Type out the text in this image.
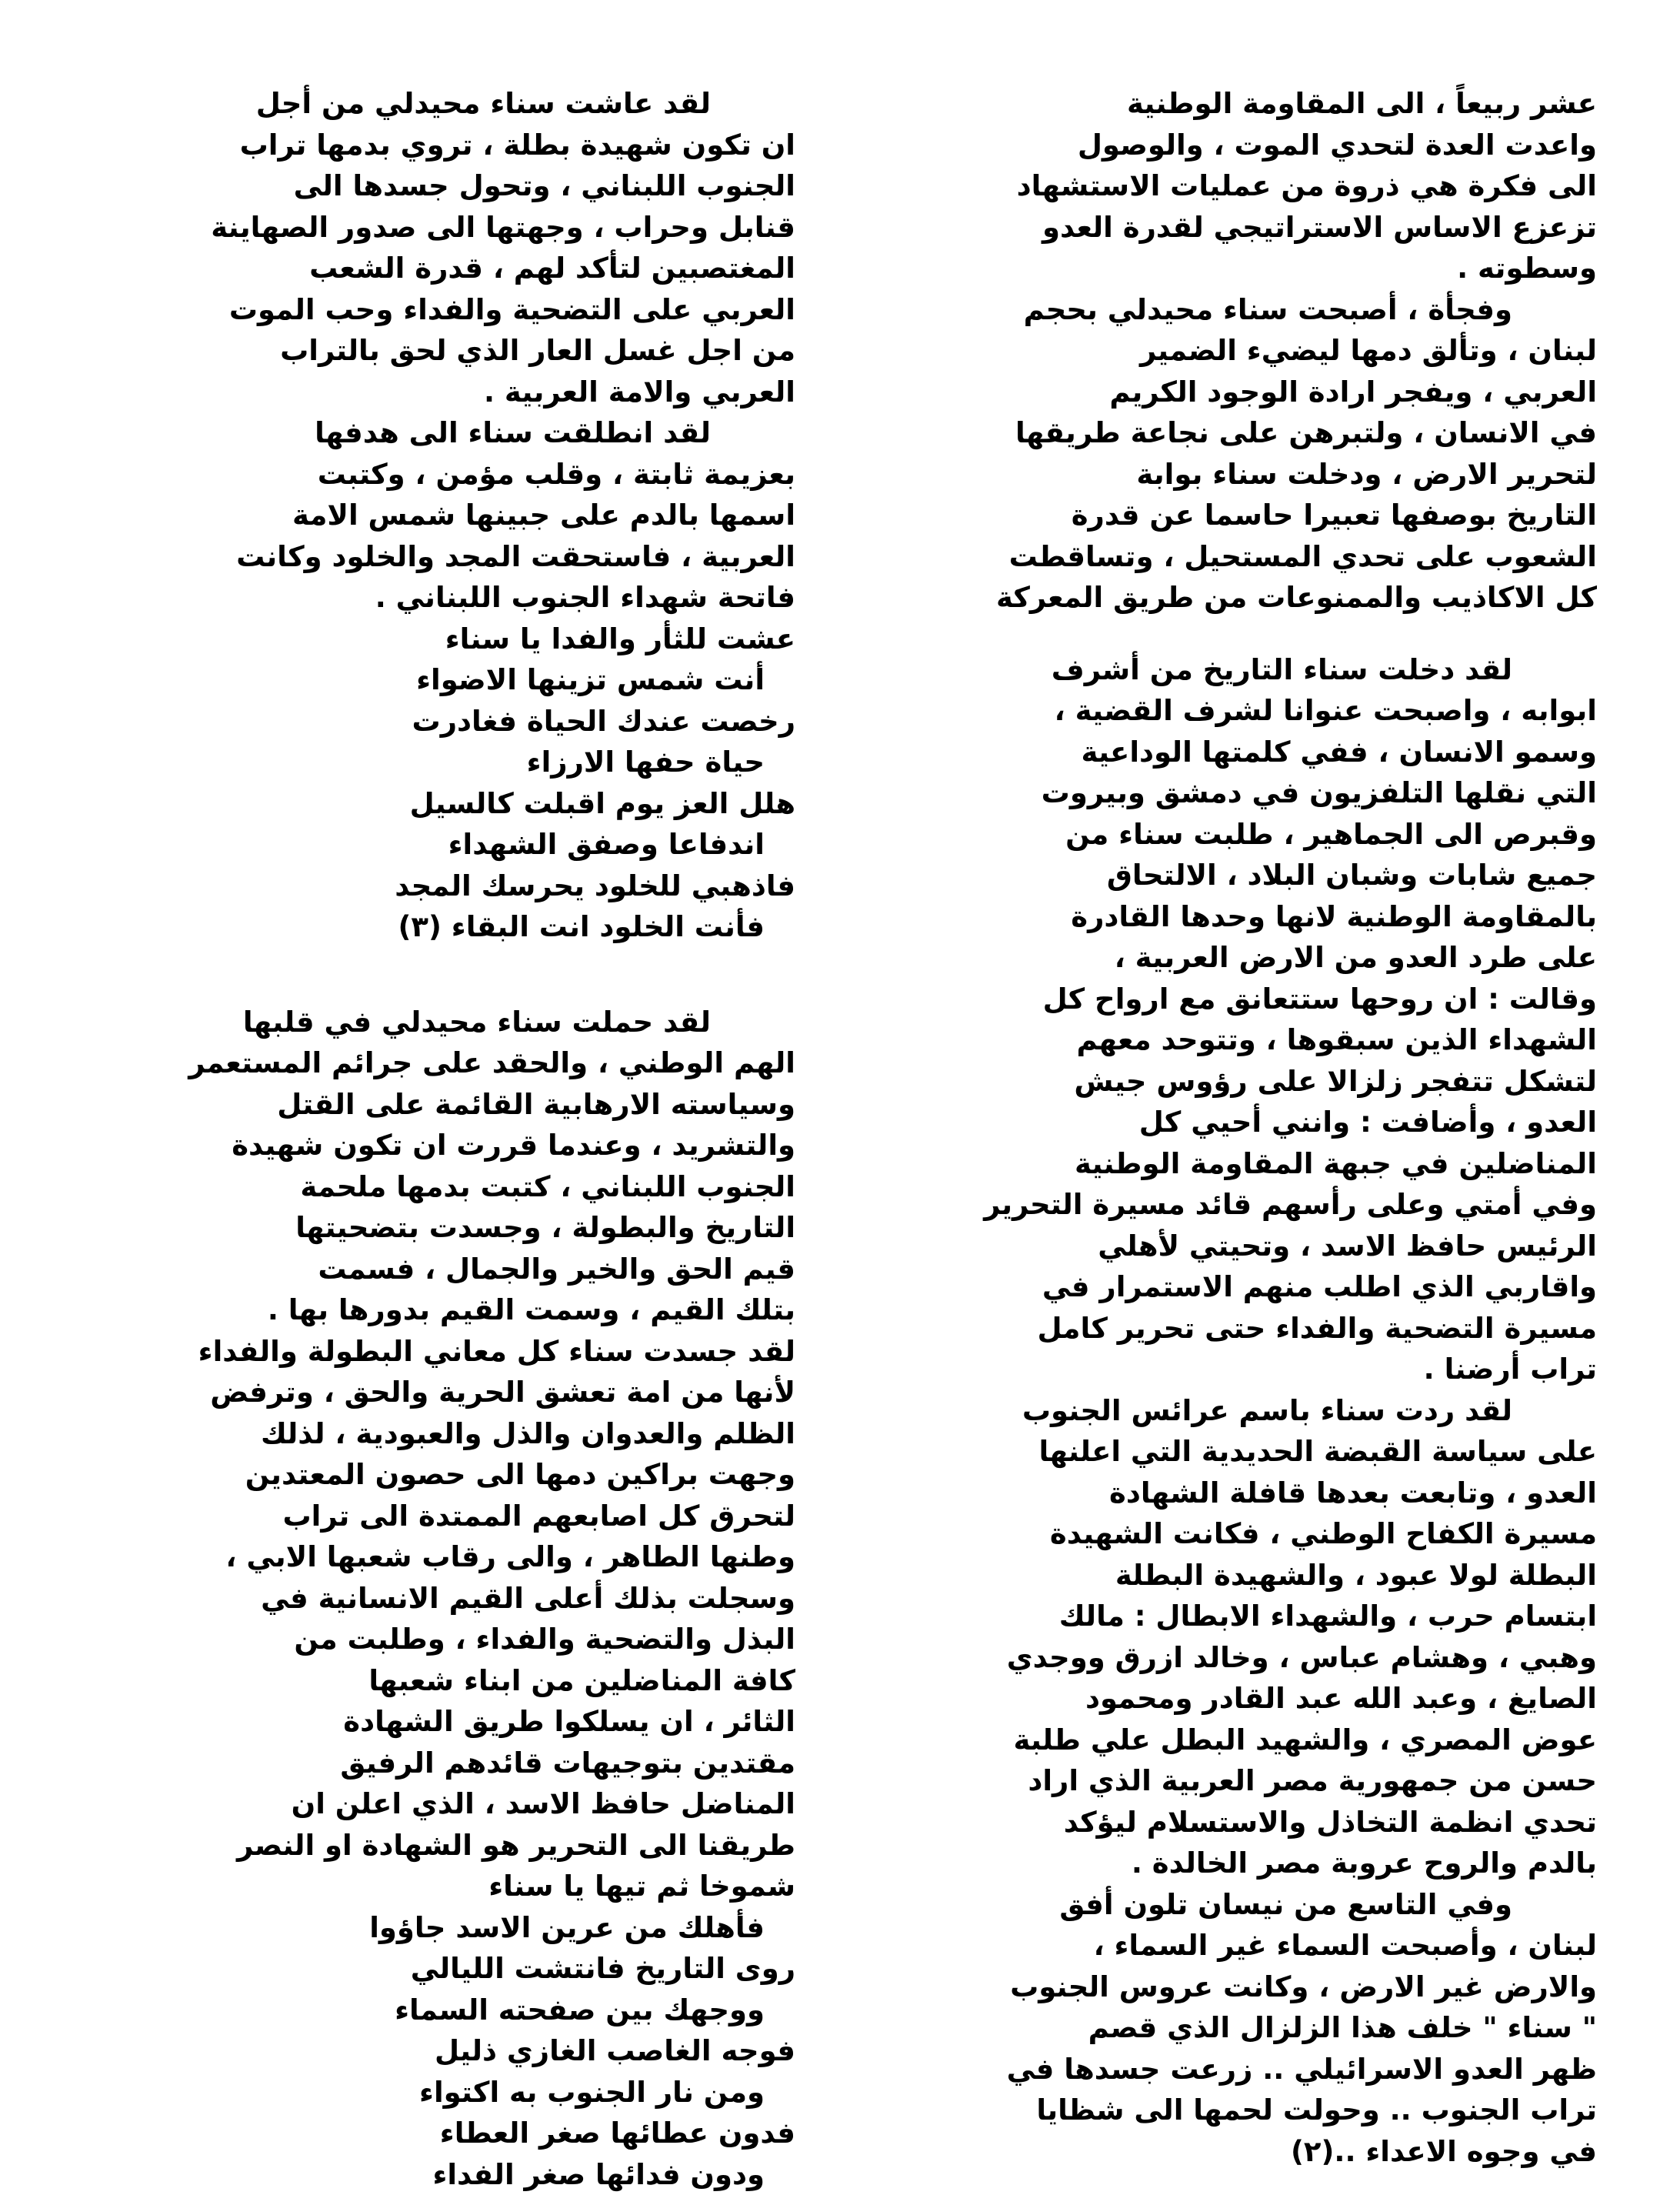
عشر ربيعاً ، الى المقاومة الوطنية
واعدت العدة لتحدي الموت ، والوصول
الى فكرة هي ذروة من عمليات الاستشهاد
تزعزع الاساس الاستراتيجي لقدرة العدو
وسطوته .
وفجأة ، أصبحت سناء محيدلي بحجم
لبنان ، وتألق دمها ليضيء الضمير
العربي ، ويفجر ارادة الوجود الكريم
في الانسان ، ولتبرهن على نجاعة طريقها
لتحرير الارض ، ودخلت سناء بوابة
التاريخ بوصفها تعبيرا حاسما عن قدرة
الشعوب على تحدي المستحيل ، وتساقطت
كل الاكاذيب والممنوعات من طريق المعركة
لقد دخلت سناء التاريخ من أشرف
ابوابه ، واصبحت عنوانا لشرف القضية ،
وسمو الانسان ، ففي كلمتها الوداعية
التي نقلها التلفزيون في دمشق وبيروت
وقبرص الى الجماهير ، طلبت سناء من
جميع شابات وشبان البلاد ، الالتحاق
بالمقاومة الوطنية لانها وحدها القادرة
على طرد العدو من الارض العربية ،
وقالت : ان روحها ستتعانق مع ارواح كل
الشهداء الذين سبقوها ، وتتوحد معهم
لتشكل تتفجر زلزالا على رؤوس جيش
العدو ، وأضافت : وانني أحيي كل
المناضلين في جبهة المقاومة الوطنية
وفي أمتي وعلى رأسهم قائد مسيرة التحرير
الرئيس حافظ الاسد ، وتحيتي لأهلي
واقاربي الذي اطلب منهم الاستمرار في
مسيرة التضحية والفداء حتى تحرير كامل
تراب أرضنا .
لقد ردت سناء باسم عرائس الجنوب
على سياسة القبضة الحديدية التي اعلنها
العدو ، وتابعت بعدها قافلة الشهادة
مسيرة الكفاح الوطني ، فكانت الشهيدة
البطلة لولا عبود ، والشهيدة البطلة
ابتسام حرب ، والشهداء الابطال : مالك
وهبي ، وهشام عباس ، وخالد ازرق ووجدي
الصايغ ، وعبد الله عبد القادر ومحمود
عوض المصري ، والشهيد البطل علي طلبة
حسن من جمهورية مصر العربية الذي اراد
تحدي انظمة التخاذل والاستسلام ليؤكد
بالدم والروح عروبة مصر الخالدة .
وفي التاسع من نيسان تلون أفق
لبنان ، وأصبحت السماء غير السماء ،
والارض غير الارض ، وكانت عروس الجنوب
" سناء " خلف هذا الزلزال الذي قصم
ظهر العدو الاسرائيلي .. زرعت جسدها في
تراب الجنوب .. وحولت لحمها الى شظايا
في وجوه الاعداء ..(٢)
لقد عاشت سناء محيدلي من أجل
ان تكون شهيدة بطلة ، تروي بدمها تراب
الجنوب اللبناني ، وتحول جسدها الى
قنابل وحراب ، وجهتها الى صدور الصهاينة
المغتصبين لتأكد لهم ، قدرة الشعب
العربي على التضحية والفداء وحب الموت
من اجل غسل العار الذي لحق بالتراب
العربي والامة العربية .
لقد انطلقت سناء الى هدفها
بعزيمة ثابتة ، وقلب مؤمن ، وكتبت
اسمها بالدم على جبينها شمس الامة
العربية ، فاستحقت المجد والخلود وكانت
فاتحة شهداء الجنوب اللبناني .
عشت للثأر والفدا يا سناء
أنت شمس تزينها الاضواء
رخصت عندك الحياة فغادرت
حياة حفها الارزاء
هلل العز يوم اقبلت كالسيل
اندفاعا وصفق الشهداء
فاذهبي للخلود يحرسك المجد
فأنت الخلود انت البقاء (٣)
لقد حملت سناء محيدلي في قلبها
الهم الوطني ، والحقد على جرائم المستعمر
وسياسته الارهابية القائمة على القتل
والتشريد ، وعندما قررت ان تكون شهيدة
الجنوب اللبناني ، كتبت بدمها ملحمة
التاريخ والبطولة ، وجسدت بتضحيتها
قيم الحق والخير والجمال ، فسمت
بتلك القيم ، وسمت القيم بدورها بها .
لقد جسدت سناء كل معاني البطولة والفداء
لأنها من امة تعشق الحرية والحق ، وترفض
الظلم والعدوان والذل والعبودية ، لذلك
وجهت براكين دمها الى حصون المعتدين
لتحرق كل اصابعهم الممتدة الى تراب
وطنها الطاهر ، والى رقاب شعبها الابي ،
وسجلت بذلك أعلى القيم الانسانية في
البذل والتضحية والفداء ، وطلبت من
كافة المناضلين من ابناء شعبها
الثائر ، ان يسلكوا طريق الشهادة
مقتدين بتوجيهات قائدهم الرفيق
المناضل حافظ الاسد ، الذي اعلن ان
طريقنا الى التحرير هو الشهادة او النصر
شموخا ثم تيها يا سناء
فأهلك من عرين الاسد جاؤوا
روى التاريخ فانتشت الليالي
ووجهك بين صفحته السماء
فوجه الغاصب الغازي ذليل
ومن نار الجنوب به اكتواء
فدون عطائها صغر العطاء
ودون فدائها صغر الفداء
